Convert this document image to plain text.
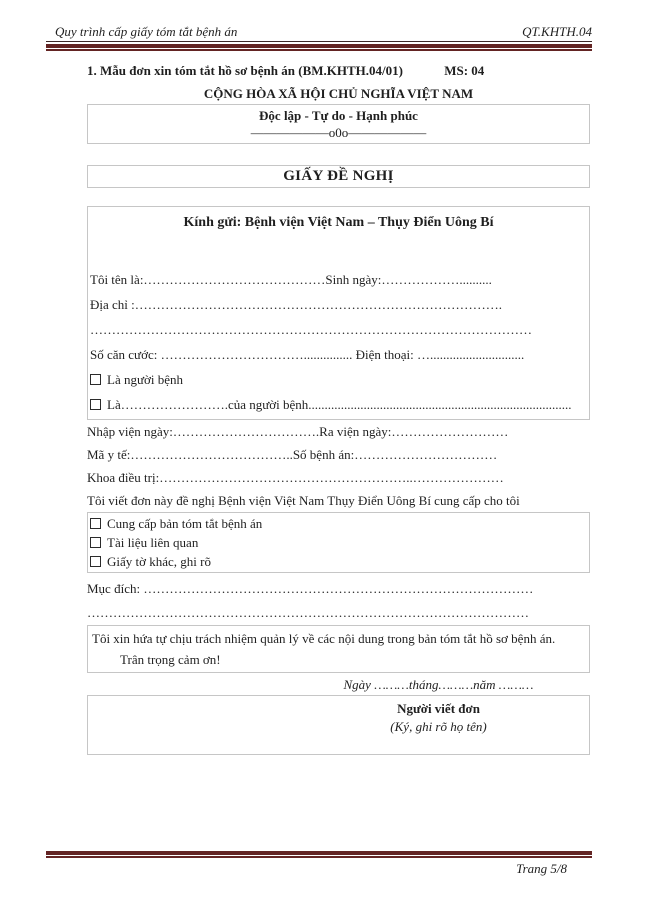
Quy trình cấp giấy tóm tắt bệnh án	QT.KHTH.04
1. Mẫu đơn xin tóm tắt hồ sơ bệnh án (BM.KHTH.04/01)	MS: 04
CỘNG HÒA XÃ HỘI CHỦ NGHĨA VIỆT NAM
Độc lập - Tự do - Hạnh phúc
——————o0o——————
GIẤY ĐỀ NGHỊ
Kính gửi: Bệnh viện Việt Nam – Thụy Điển Uông Bí
Tôi tên là:……………………………………Sinh ngày:………………..........
Địa chỉ :………………………………………………………………………….
…………………………………………………………………………………………
Số căn cước: ……………………………............... Điện thoại: ….............................
Là người bệnh
Là…………………….của người bệnh.................................................................................
Nhập viện ngày:…………………………….Ra viện ngày:………………………
Mã y tế:………………………………..Số bệnh án:……………………………
Khoa điều trị:…………………………………………………..…………………
Tôi viết đơn này đề nghị Bệnh viện Việt Nam Thụy Điển Uông Bí cung cấp cho tôi
Cung cấp bản tóm tắt bệnh án
Tài liệu liên quan
Giấy tờ khác, ghi rõ
Mục đích: ………………………………………………………………………………
…………………………………………………………………………………………
Tôi xin hứa tự chịu trách nhiệm quản lý về các nội dung trong bản tóm tắt hồ sơ bệnh án.
Trân trọng cảm ơn!
Ngày ………tháng………năm ………
Người viết đơn
(Ký, ghi rõ họ tên)
Trang 5/8
